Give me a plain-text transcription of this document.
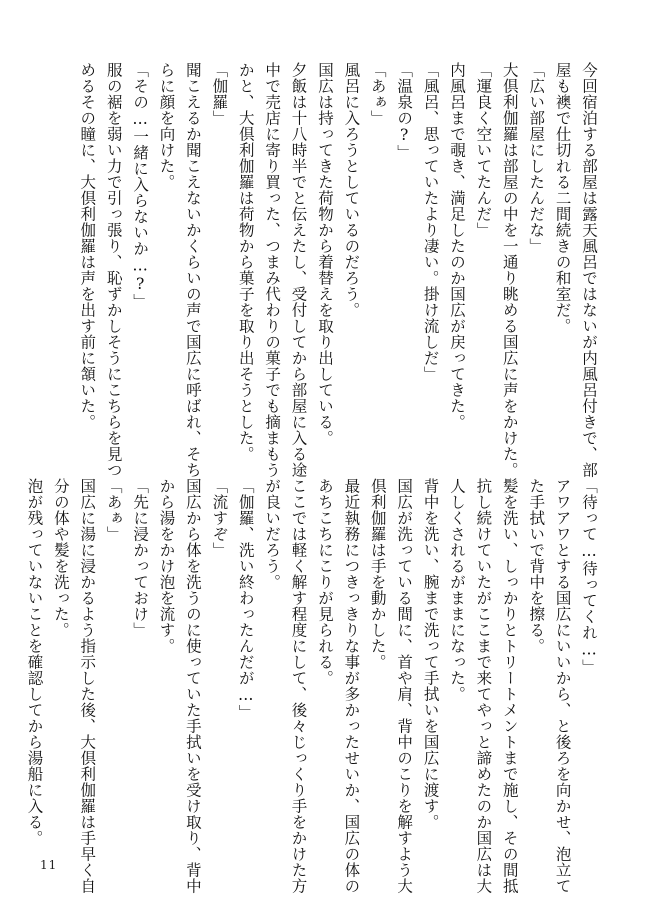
今回宿泊する部屋は露天風呂ではないが内風呂付きで、部

屋も襖で仕切れる二間続きの和室だ。

「広い部屋にしたんだな」

大倶利伽羅は部屋の中を一通り眺める国広に声をかけた。

「運良く空いてたんだ」

内風呂まで覗き、満足したのか国広が戻ってきた。

「風呂、思っていたより凄い。掛け流しだ」

「温泉の?」

「あぁ」

風呂に入ろうとしているのだろう。

国広は持ってきた荷物から着替えを取り出している。

夕飯は十八時半でと伝えたし、受付してから部屋に入る途

中で売店に寄り買った、つまみ代わりの菓子でも摘まもう

かと、大倶利伽羅は荷物から菓子を取り出そうとした。

「伽羅」

聞こえるか聞こえないかくらいの声で国広に呼ばれ、そち

らに顔を向けた。

「その…一緒に入らないか…?」

服の裾を弱い力で引っ張り、恥ずかしそうにこちらを見つ

めるその瞳に、大倶利伽羅は声を出す前に頷いた。

「待って…待ってくれ…」

アワアワとする国広にいいから、と後ろを向かせ、泡立て

た手拭いで背中を擦る。

髪を洗い、しっかりとトリートメントまで施し、その間抵

抗し続けていたがここまで来てやっと諦めたのか国広は大

人しくされるがままになった。

背中を洗い、腕まで洗って手拭いを国広に渡す。

国広が洗っている間に、首や肩、背中のこりを解すよう大

倶利伽羅は手を動かした。

最近執務につきっきりな事が多かったせいか、国広の体の

あちこちにこりが見られる。

ここでは軽く解す程度にして、後々じっくり手をかけた方

が良いだろう。

「伽羅、洗い終わったんだが…」

「流すぞ」

国広から体を洗うのに使っていた手拭いを受け取り、背中

から湯をかけ泡を流す。

「先に浸かっておけ」

「あぁ」

国広に湯に浸かるよう指示した後、大倶利伽羅は手早く自

分の体や髪を洗った。

泡が残っていないことを確認してから湯船に入る。

11
